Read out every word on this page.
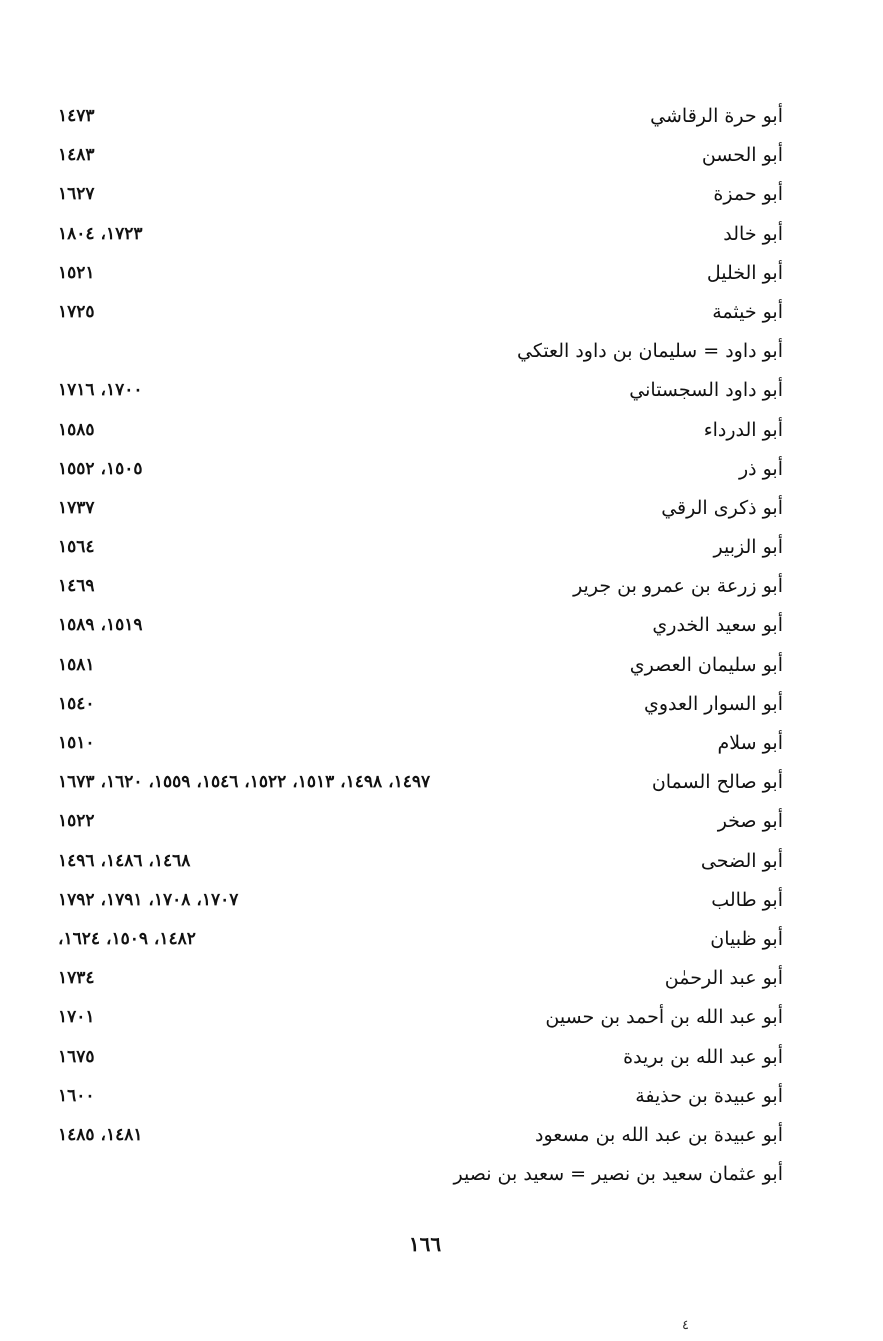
أبو حرة الرقاشي
١٤٧٣
أبو الحسن
١٤٨٣
أبو حمزة
١٦٢٧
أبو خالد
١٧٢٣، ١٨٠٤
أبو الخليل
١٥٢١
أبو خيثمة
١٧٢٥
أبو داود = سليمان بن داود العتكي
أبو داود السجستاني
١٧٠٠، ١٧١٦
أبو الدرداء
١٥٨٥
أبو ذر
١٥٠٥، ١٥٥٢
أبو ذكرى الرقي
١٧٣٧
أبو الزبير
١٥٦٤
أبو زرعة بن عمرو بن جرير
١٤٦٩
أبو سعيد الخدري
١٥١٩، ١٥٨٩
أبو سليمان العصري
١٥٨١
أبو السوار العدوي
١٥٤٠
أبو سلام
١٥١٠
أبو صالح السمان
١٤٩٧، ١٤٩٨، ١٥١٣، ١٥٢٢، ١٥٤٦، ١٥٥٩، ١٦٢٠، ١٦٧٣
أبو صخر
١٥٢٢
أبو الضحى
١٤٦٨، ١٤٨٦، ١٤٩٦
أبو طالب
١٧٠٧، ١٧٠٨، ١٧٩١، ١٧٩٢
أبو ظبيان
١٤٨٢، ١٥٠٩، ١٦٢٤،
أبو عبد الرحمٰن
١٧٣٤
أبو عبد الله بن أحمد بن حسين
١٧٠١
أبو عبد الله بن بريدة
١٦٧٥
أبو عبيدة بن حذيفة
١٦٠٠
أبو عبيدة بن عبد الله بن مسعود
١٤٨١، ١٤٨٥
أبو عثمان سعيد بن نصير = سعيد بن نصير
١٦٦
٤
